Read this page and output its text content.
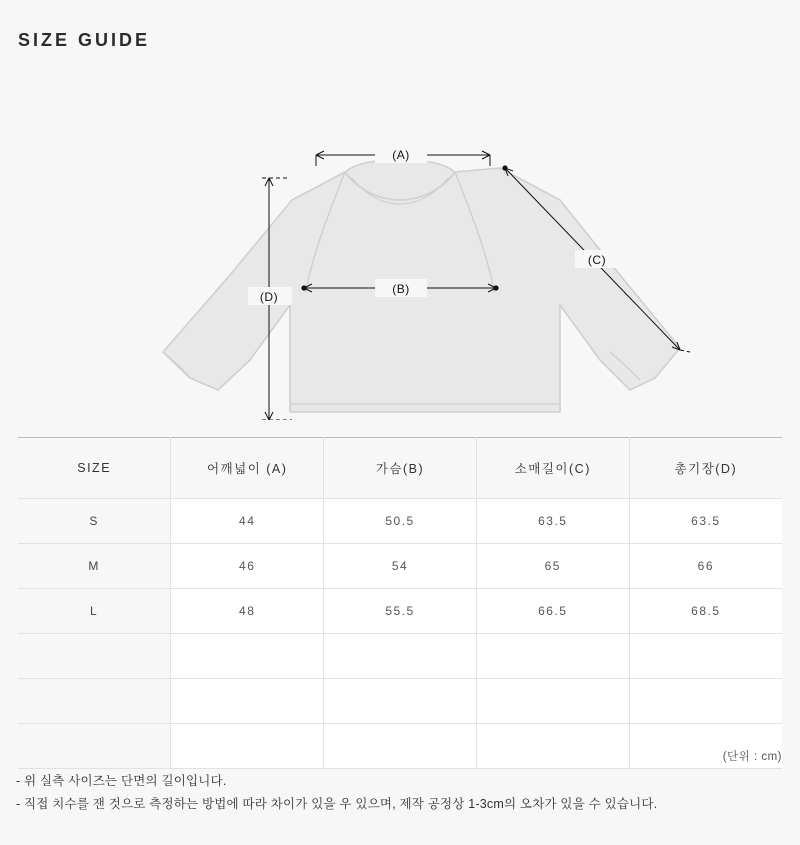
SIZE GUIDE
(A)
(B)
(C)
(D)
SIZE	어깨넓이 (A)	가슴(B)	소매길이(C)	총기장(D)
S	44	50.5	63.5	63.5
M	46	54	65	66
L	48	55.5	66.5	68.5

(단위 : cm)
- 위 실측 사이즈는 단면의 길이입니다.
- 직접 치수를 잰 것으로 측정하는 방법에 따라 차이가 있을 우 있으며, 제작 공정상 1-3cm의 오차가 있을 수 있습니다.
